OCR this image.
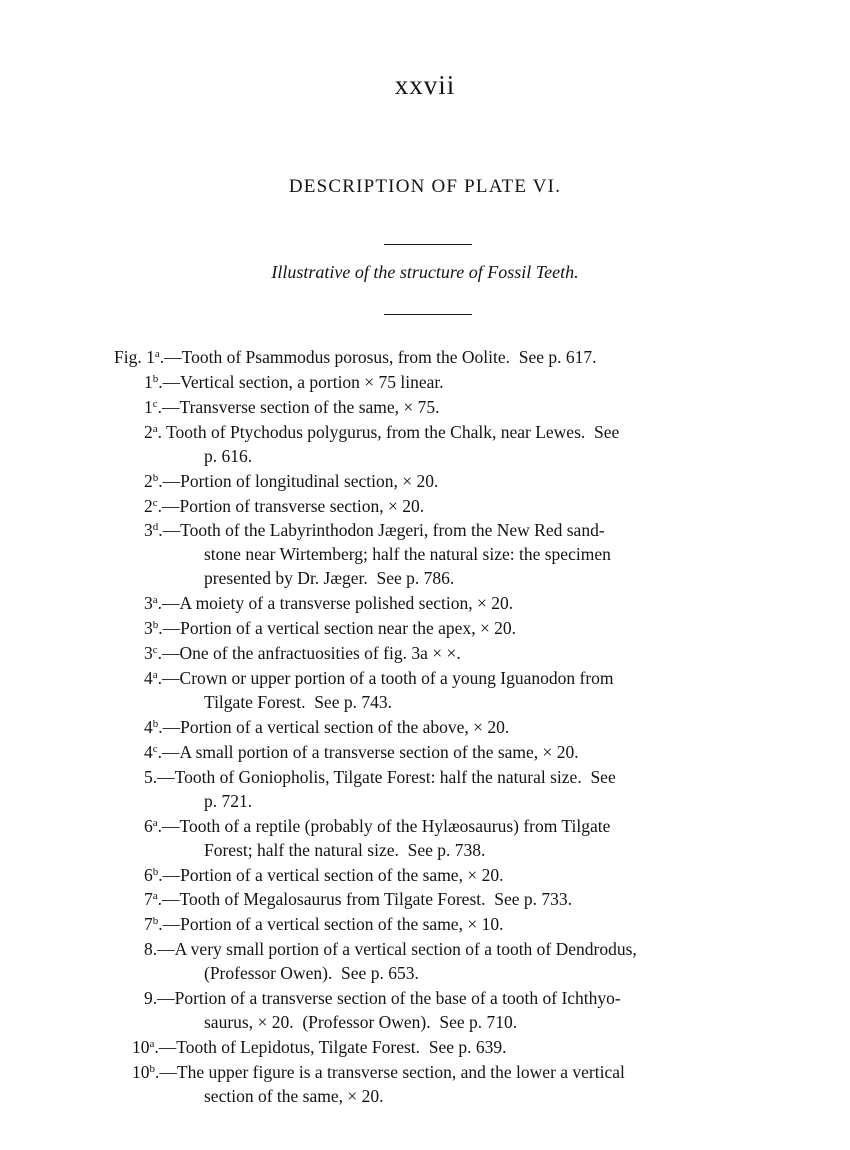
xxvii
DESCRIPTION OF PLATE VI.
Illustrative of the structure of Fossil Teeth.
Fig. 1$^a$.—Tooth of Psammodus porosus, from the Oolite.  See p. 617.
1$^b$.—Vertical section, a portion × 75 linear.
1$^c$.—Transverse section of the same, × 75.
2$^a$. Tooth of Ptychodus polygurus, from the Chalk, near Lewes.  See
p. 616.
2$^b$.—Portion of longitudinal section, × 20.
2$^c$.—Portion of transverse section, × 20.
3$^d$.—Tooth of the Labyrinthodon Jægeri, from the New Red sand-
stone near Wirtemberg; half the natural size: the specimen
presented by Dr. Jæger.  See p. 786.
3$^a$.—A moiety of a transverse polished section, × 20.
3$^b$.—Portion of a vertical section near the apex, × 20.
3$^c$.—One of the anfractuosities of fig. 3a × ×.
4$^a$.—Crown or upper portion of a tooth of a young Iguanodon from
Tilgate Forest.  See p. 743.
4$^b$.—Portion of a vertical section of the above, × 20.
4$^c$.—A small portion of a transverse section of the same, × 20.
5.—Tooth of Goniopholis, Tilgate Forest: half the natural size.  See
p. 721.
6$^a$.—Tooth of a reptile (probably of the Hylæosaurus) from Tilgate
Forest; half the natural size.  See p. 738.
6$^b$.—Portion of a vertical section of the same, × 20.
7$^a$.—Tooth of Megalosaurus from Tilgate Forest.  See p. 733.
7$^b$.—Portion of a vertical section of the same, × 10.
8.—A very small portion of a vertical section of a tooth of Dendrodus,
(Professor Owen).  See p. 653.
9.—Portion of a transverse section of the base of a tooth of Ichthyo-
saurus, × 20.  (Professor Owen).  See p. 710.
10$^a$.—Tooth of Lepidotus, Tilgate Forest.  See p. 639.
10$^b$.—The upper figure is a transverse section, and the lower a vertical
section of the same, × 20.
